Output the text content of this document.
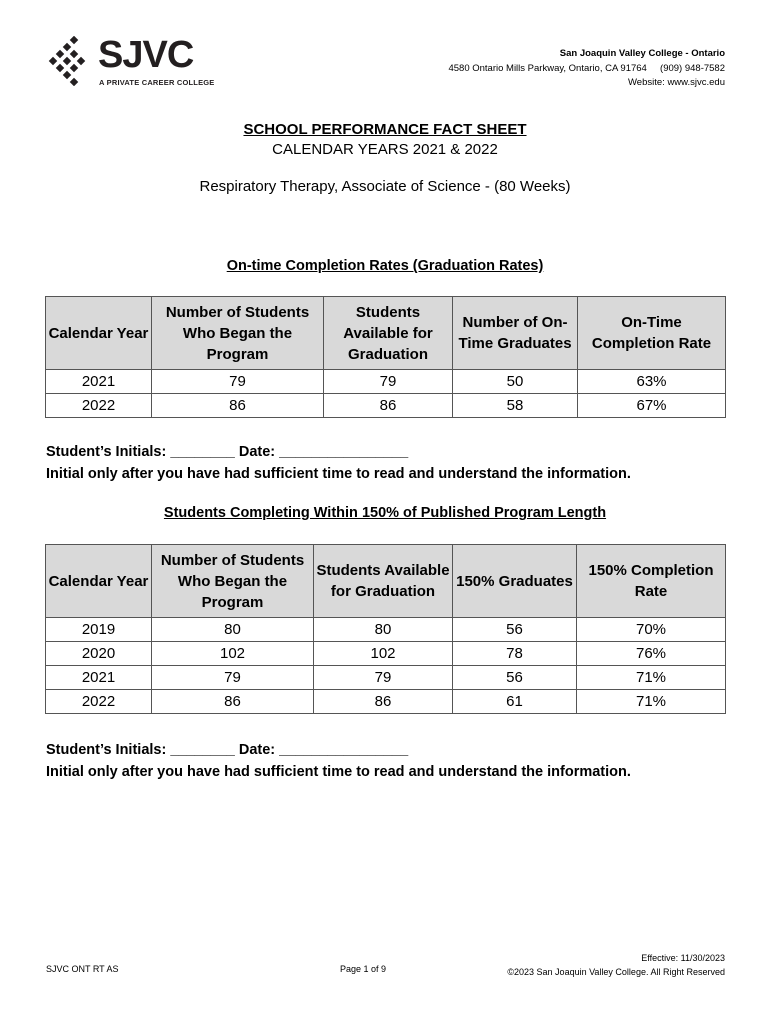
SJVC
A PRIVATE CAREER COLLEGE
San Joaquin Valley College - Ontario
4580 Ontario Mills Parkway, Ontario, CA 91764     (909) 948-7582
Website: www.sjvc.edu
SCHOOL PERFORMANCE FACT SHEET
CALENDAR YEARS 2021 & 2022
Respiratory Therapy, Associate of Science - (80 Weeks)
On-time Completion Rates (Graduation Rates)
Calendar Year	Number of Students Who Began the Program	Students Available for Graduation	Number of On-Time Graduates	On-Time Completion Rate
2021	79	79	50	63%
2022	86	86	58	67%
Student’s Initials: ________ Date: ________________
Initial only after you have had sufficient time to read and understand the information.
Students Completing Within 150% of Published Program Length
Calendar Year	Number of Students Who Began the Program	Students Available for Graduation	150% Graduates	150% Completion Rate
2019	80	80	56	70%
2020	102	102	78	76%
2021	79	79	56	71%
2022	86	86	61	71%
Student’s Initials: ________ Date: ________________
Initial only after you have had sufficient time to read and understand the information.
SJVC ONT RT AS	Page 1 of 9
Effective: 11/30/2023
©2023 San Joaquin Valley College. All Right Reserved
